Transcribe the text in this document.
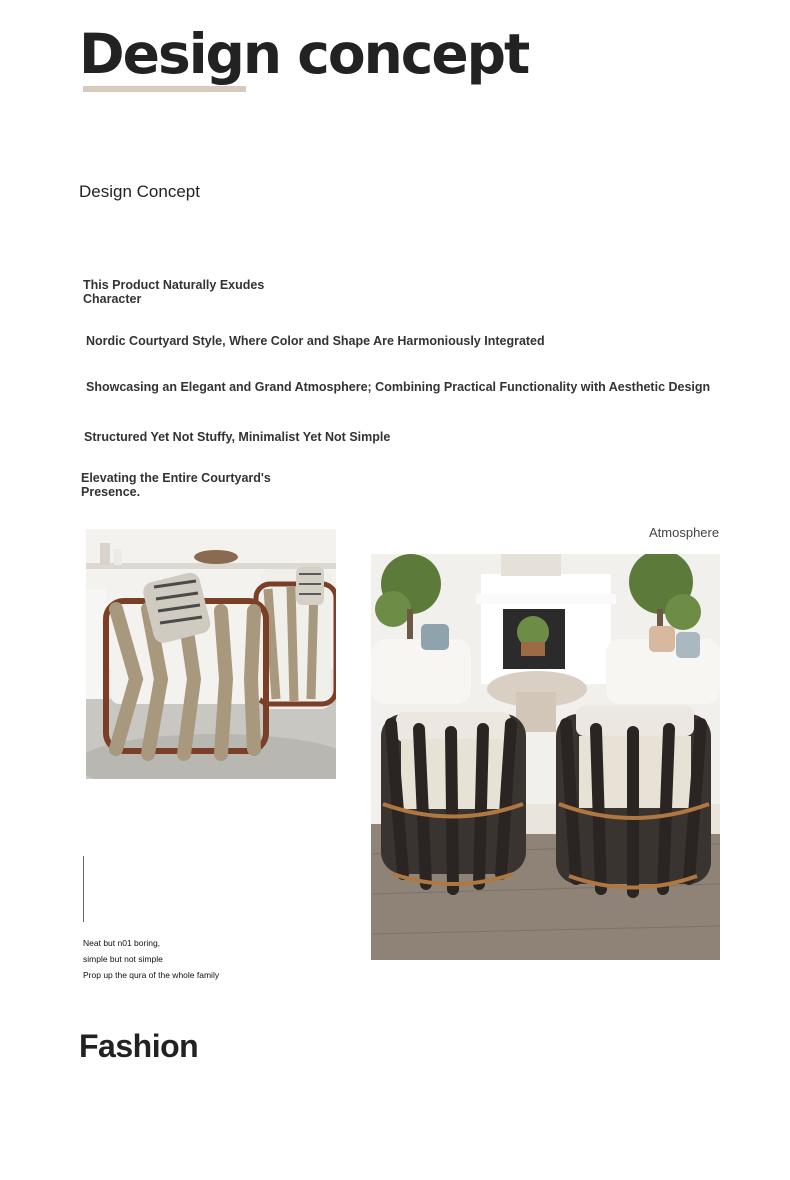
Design concept
Design Concept
This Product Naturally Exudes Character
Nordic Courtyard Style, Where Color and Shape Are Harmoniously Integrated
Showcasing an Elegant and Grand Atmosphere; Combining Practical Functionality with Aesthetic Design
Structured Yet Not Stuffy, Minimalist Yet Not Simple
Elevating the Entire Courtyard's Presence.
Atmosphere
Neat but n01 boring,
simple but not simple
Prop up the qura of the whole family
Fashion
